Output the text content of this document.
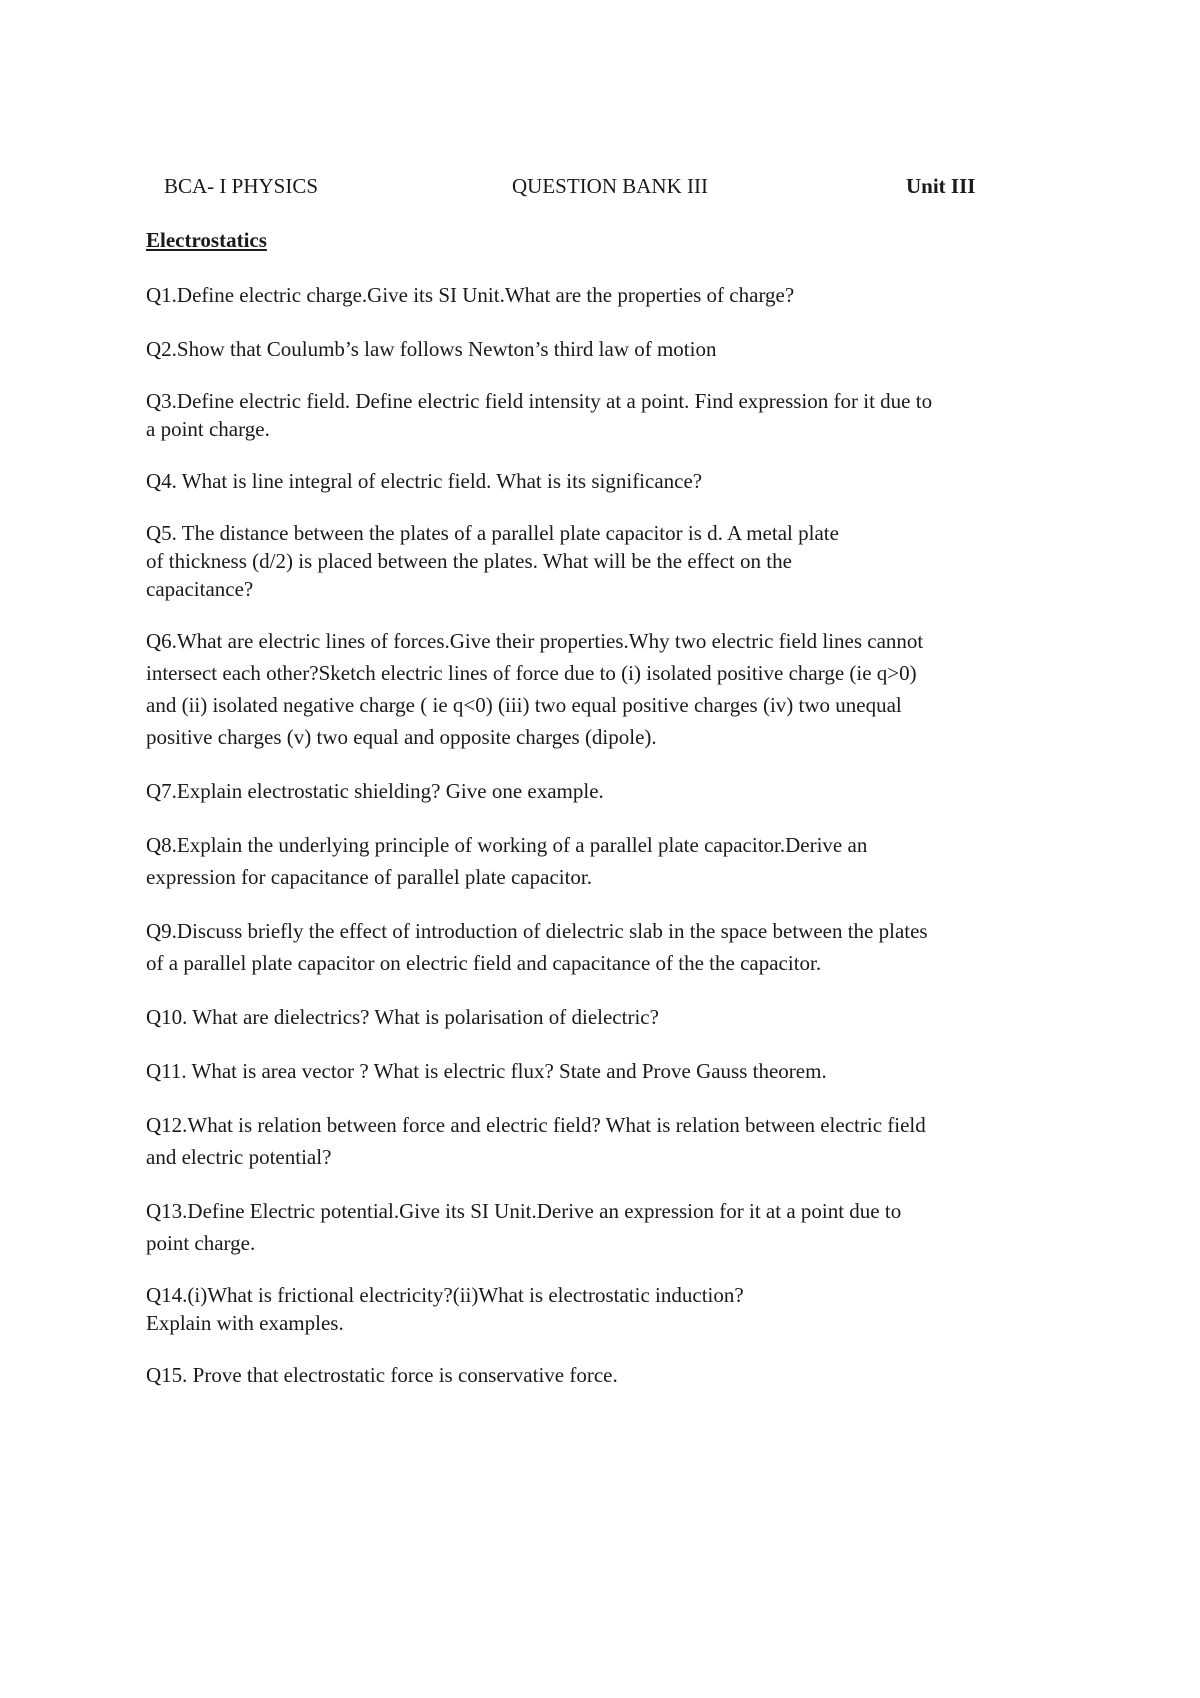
BCA- I PHYSICS	QUESTION BANK III	Unit III
Electrostatics

Q1.Define electric charge.Give its SI Unit.What are the properties of charge?

Q2.Show that Coulumb’s law follows Newton’s third law of motion

Q3.Define electric field. Define electric field intensity at a point. Find expression for it due to
a point charge.

Q4. What is line integral of electric field. What is its significance?

Q5. The distance between the plates of a parallel plate capacitor is d. A metal plate
of thickness (d/2) is placed between the plates. What will be the effect on the
capacitance?

Q6.What are electric lines of forces.Give their properties.Why two electric field lines cannot
intersect each other?Sketch electric lines of force due to (i) isolated positive charge (ie q>0)
and (ii) isolated negative charge ( ie q<0) (iii) two equal positive charges (iv) two unequal
positive charges (v) two equal and opposite charges (dipole).

Q7.Explain electrostatic shielding? Give one example.

Q8.Explain the underlying principle of working of a parallel plate capacitor.Derive an
expression for capacitance of parallel plate capacitor.

Q9.Discuss briefly the effect of introduction of dielectric slab in the space between the plates
of a parallel plate capacitor on electric field and capacitance of the the capacitor.

Q10. What are dielectrics? What is polarisation of dielectric?

Q11. What is area vector ? What is electric flux? State and Prove Gauss theorem.

Q12.What is relation between force and electric field? What is relation between electric field
and electric potential?

Q13.Define Electric potential.Give its SI Unit.Derive an expression for it at a point due to
point charge.

Q14.(i)What is frictional electricity?(ii)What is electrostatic induction?
Explain with examples.

Q15. Prove that electrostatic force is conservative force.
